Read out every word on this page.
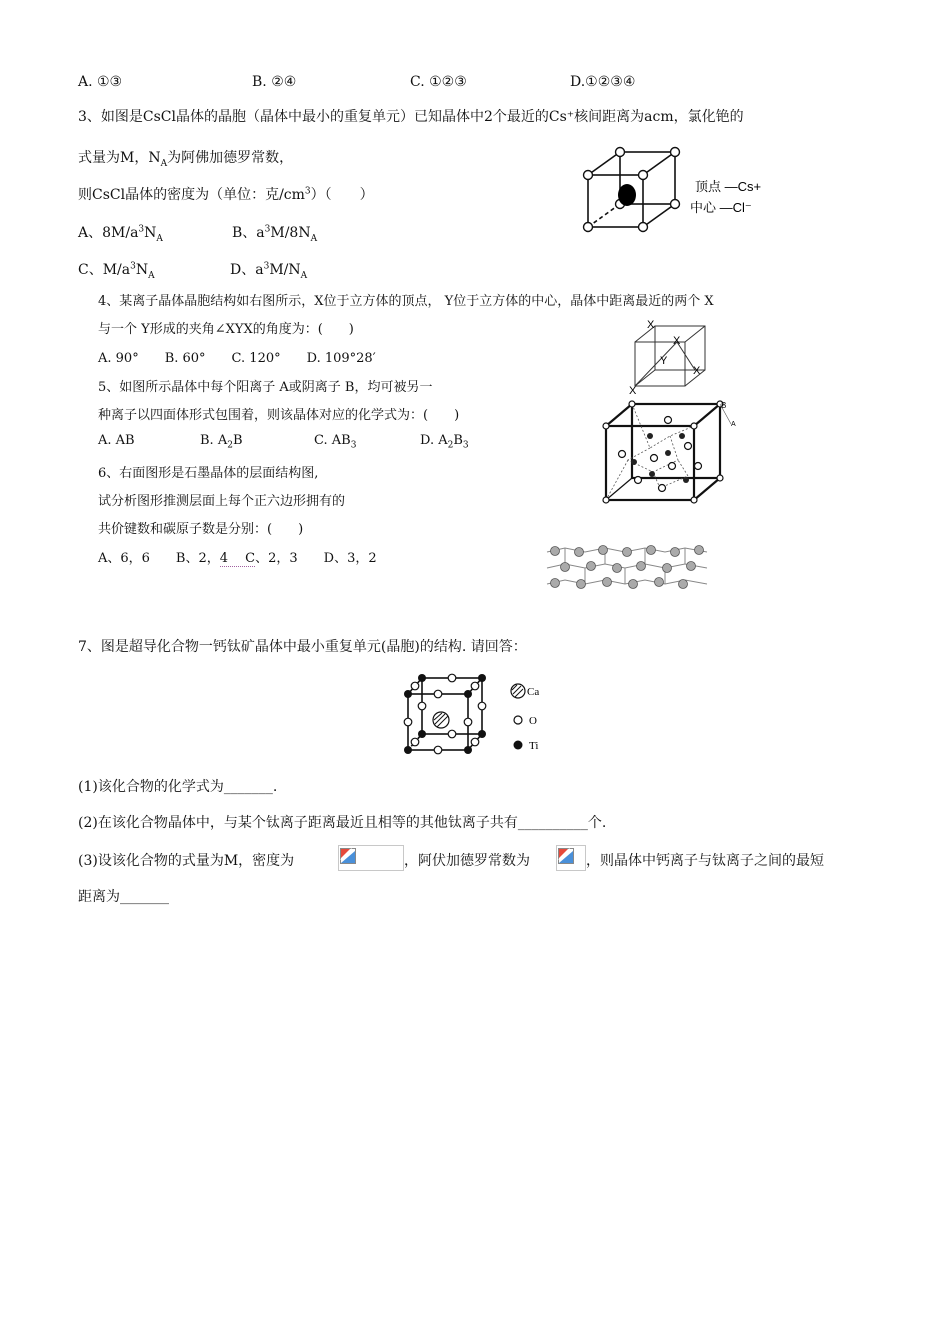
A. ①③	B. ②④	C. ①②③	D.①②③④
3、如图是CsCl晶体的晶胞（晶体中最小的重复单元）已知晶体中2个最近的Cs⁺核间距离为acm，氯化铯的
式量为M，$N_A$为阿佛加德罗常数，
则CsCl晶体的密度为（单位：克$/cm^3$）（　　）
A、$8M/a^3N_A$	B、$a^3M/8N_A$
C、$M/a^3N_A$	D、$a^3M/N_A$
顶点 —Cs+
中心 —Cl⁻
4、某离子晶体晶胞结构如右图所示，X位于立方体的顶点， Y位于立方体的中心，晶体中距离最近的两个 X
与一个 Y形成的夹角∠XYX的角度为：(　　)
A. 90°　　B. 60°　　C. 120°　　D. 109°28′
X
X
Y
X
X
5、如图所示晶体中每个阳离子 A或阴离子 B，均可被另一
种离子以四面体形式包围着，则该晶体对应的化学式为：(　　)
A. AB	B. $A_2B$	C. $AB_3$	D. $A_2B_3$
B
A
6、右面图形是石墨晶体的层面结构图,
试分析图形推测层面上每个正六边形拥有的
共价键数和碳原子数是分别：(　　)
A、6，6　　B、2，4　 C、2，3　　D、3，2
7、图是超导化合物一钙钛矿晶体中最小重复单元(晶胞)的结构. 请回答：
Ca
O
Ti
(1)该化合物的化学式为_______.
(2)在该化合物晶体中，与某个钛离子距离最近且相等的其他钛离子共有__________个.
(3)设该化合物的式量为M，密度为	，阿伏加德罗常数为	，则晶体中钙离子与钛离子之间的最短
距离为_______
